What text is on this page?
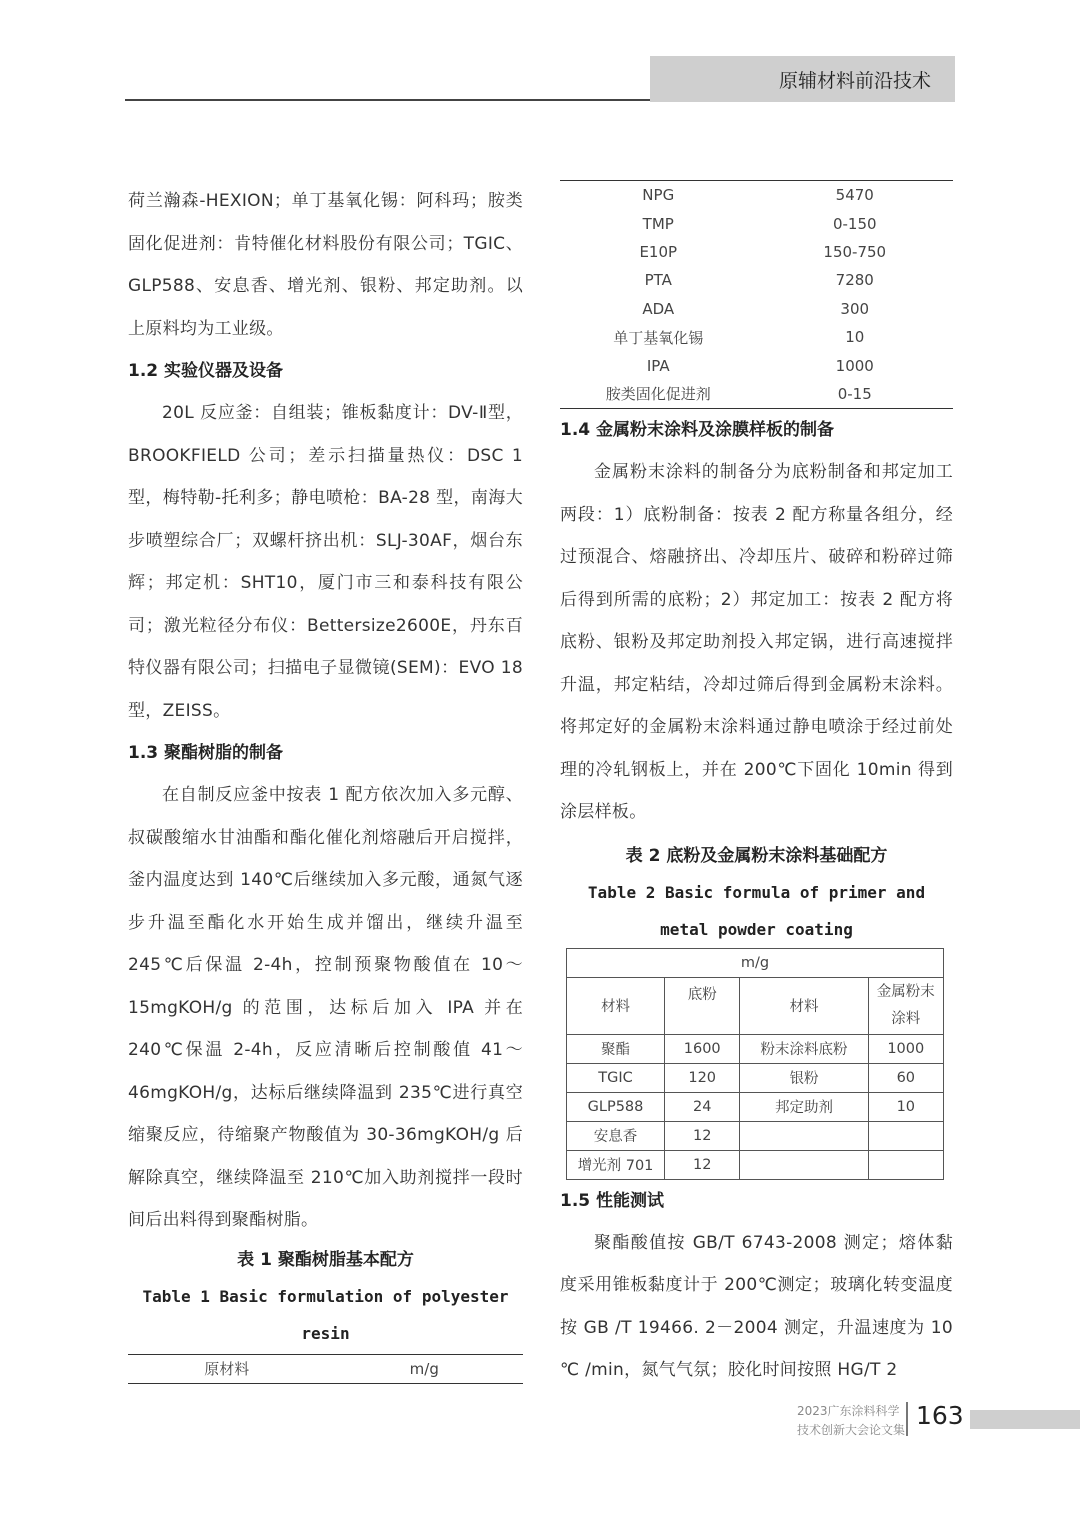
原辅材料前沿技术

荷兰瀚森-HEXION；单丁基氧化锡：阿科玛；胺类固化促进剂：肯特催化材料股份有限公司；TGIC、GLP588、安息香、增光剂、银粉、邦定助剂。以上原料均为工业级。

1.2 实验仪器及设备

20L 反应釜：自组装；锥板黏度计：DV-Ⅱ型，BROOKFIELD 公司；差示扫描量热仪：DSC 1 型，梅特勒-托利多；静电喷枪：BA-28 型，南海大步喷塑综合厂；双螺杆挤出机：SLJ-30AF，烟台东辉；邦定机：SHT10，厦门市三和泰科技有限公司；激光粒径分布仪：Bettersize2600E，丹东百特仪器有限公司；扫描电子显微镜(SEM)：EVO 18 型，ZEISS。

1.3 聚酯树脂的制备

在自制反应釜中按表 1 配方依次加入多元醇、叔碳酸缩水甘油酯和酯化催化剂熔融后开启搅拌，釜内温度达到 140℃后继续加入多元酸，通氮气逐步升温至酯化水开始生成并馏出，继续升温至 245℃后保温 2-4h，控制预聚物酸值在 10～15mgKOH/g 的范围，达标后加入 IPA 并在 240℃保温 2-4h，反应清晰后控制酸值 41～46mgKOH/g，达标后继续降温到 235℃进行真空缩聚反应，待缩聚产物酸值为 30-36mgKOH/g 后解除真空，继续降温至 210℃加入助剂搅拌一段时间后出料得到聚酯树脂。

表 1 聚酯树脂基本配方
Table 1 Basic formulation of polyester resin
原材料	m/g
NPG	5470
TMP	0-150
E10P	150-750
PTA	7280
ADA	300
单丁基氧化锡	10
IPA	1000
胺类固化促进剂	0-15
1.4 金属粉末涂料及涂膜样板的制备

金属粉末涂料的制备分为底粉制备和邦定加工两段：1）底粉制备：按表 2 配方称量各组分，经过预混合、熔融挤出、冷却压片、破碎和粉碎过筛后得到所需的底粉；2）邦定加工：按表 2 配方将底粉、银粉及邦定助剂投入邦定锅，进行高速搅拌升温，邦定粘结，冷却过筛后得到金属粉末涂料。将邦定好的金属粉末涂料通过静电喷涂于经过前处理的冷轧钢板上，并在 200℃下固化 10min 得到涂层样板。

表 2 底粉及金属粉末涂料基础配方
Table 2 Basic formula of primer and metal powder coating
m/g			
材料	底粉	材料	金属粉末涂料
聚酯	1600	粉末涂料底粉	1000
TGIC	120	银粉	60
GLP588	24	邦定助剂	10
安息香	12		
增光剂 701	12		
1.5 性能测试

聚酯酸值按 GB/T 6743-2008 测定；熔体黏度采用锥板黏度计于 200℃测定；玻璃化转变温度按 GB /T 19466. 2－2004 测定，升温速度为 10 ℃ /min，氮气气氛；胶化时间按照 HG/T 2

2023广东涂料科学
技术创新大会论文集 163
